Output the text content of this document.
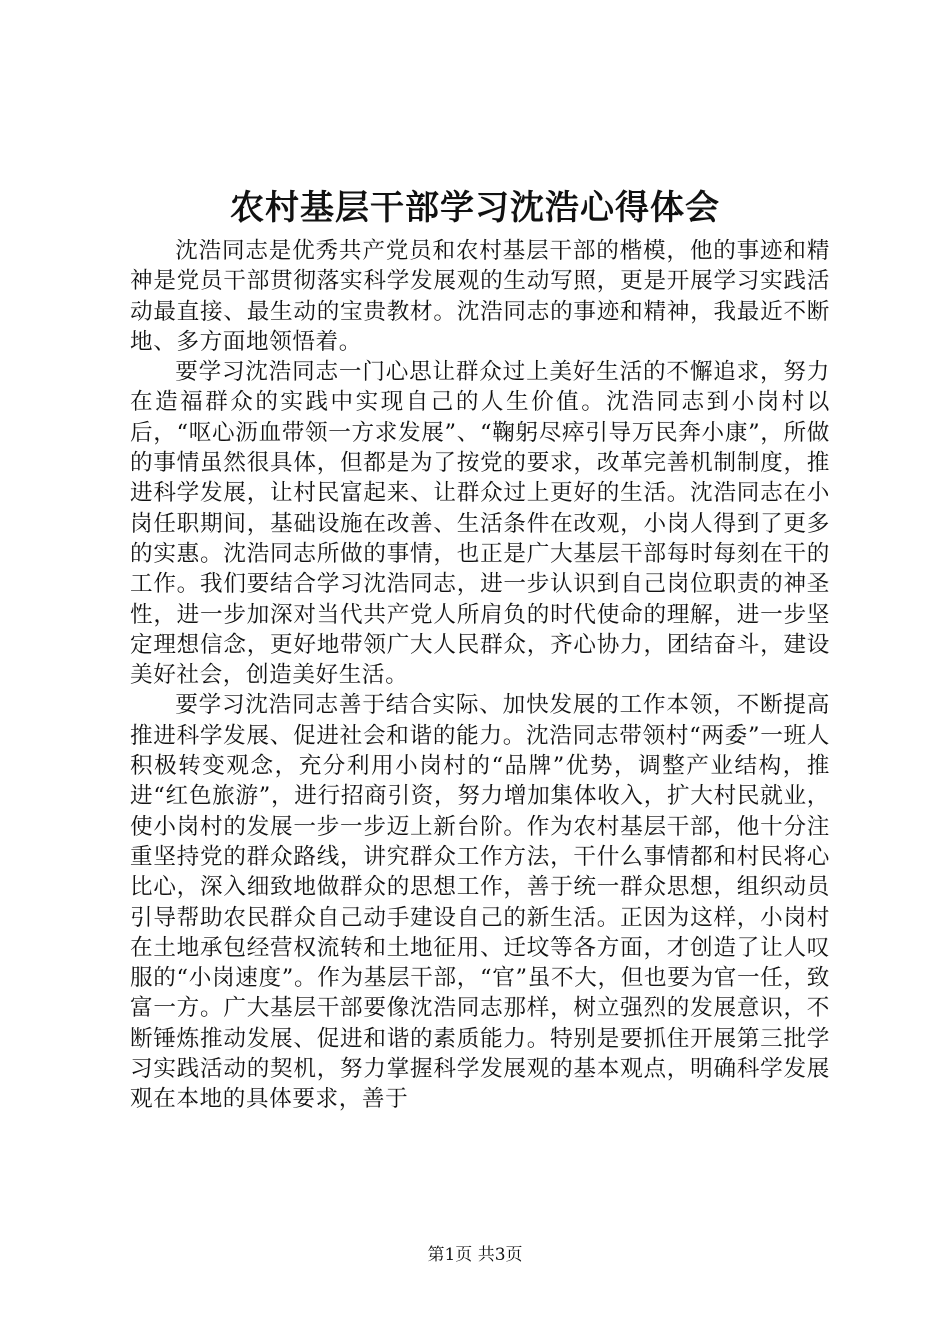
农村基层干部学习沈浩心得体会

沈浩同志是优秀共产党员和农村基层干部的楷模，他的事迹和精神是党员干部贯彻落实科学发展观的生动写照，更是开展学习实践活动最直接、最生动的宝贵教材。沈浩同志的事迹和精神，我最近不断地、多方面地领悟着。

要学习沈浩同志一门心思让群众过上美好生活的不懈追求，努力在造福群众的实践中实现自己的人生价值。沈浩同志到小岗村以后，“呕心沥血带领一方求发展”、“鞠躬尽瘁引导万民奔小康”，所做的事情虽然很具体，但都是为了按党的要求，改革完善机制制度，推进科学发展，让村民富起来、让群众过上更好的生活。沈浩同志在小岗任职期间，基础设施在改善、生活条件在改观，小岗人得到了更多的实惠。沈浩同志所做的事情，也正是广大基层干部每时每刻在干的工作。我们要结合学习沈浩同志，进一步认识到自己岗位职责的神圣性，进一步加深对当代共产党人所肩负的时代使命的理解，进一步坚定理想信念，更好地带领广大人民群众，齐心协力，团结奋斗，建设美好社会，创造美好生活。

要学习沈浩同志善于结合实际、加快发展的工作本领，不断提高推进科学发展、促进社会和谐的能力。沈浩同志带领村“两委”一班人积极转变观念，充分利用小岗村的“品牌”优势，调整产业结构，推进“红色旅游”，进行招商引资，努力增加集体收入，扩大村民就业，使小岗村的发展一步一步迈上新台阶。作为农村基层干部，他十分注重坚持党的群众路线，讲究群众工作方法，干什么事情都和村民将心比心，深入细致地做群众的思想工作，善于统一群众思想，组织动员引导帮助农民群众自己动手建设自己的新生活。正因为这样，小岗村在土地承包经营权流转和土地征用、迁坟等各方面，才创造了让人叹服的“小岗速度”。作为基层干部，“官”虽不大，但也要为官一任，致富一方。广大基层干部要像沈浩同志那样，树立强烈的发展意识，不断锤炼推动发展、促进和谐的素质能力。特别是要抓住开展第三批学习实践活动的契机，努力掌握科学发展观的基本观点，明确科学发展观在本地的具体要求，善于

第1页 共3页
